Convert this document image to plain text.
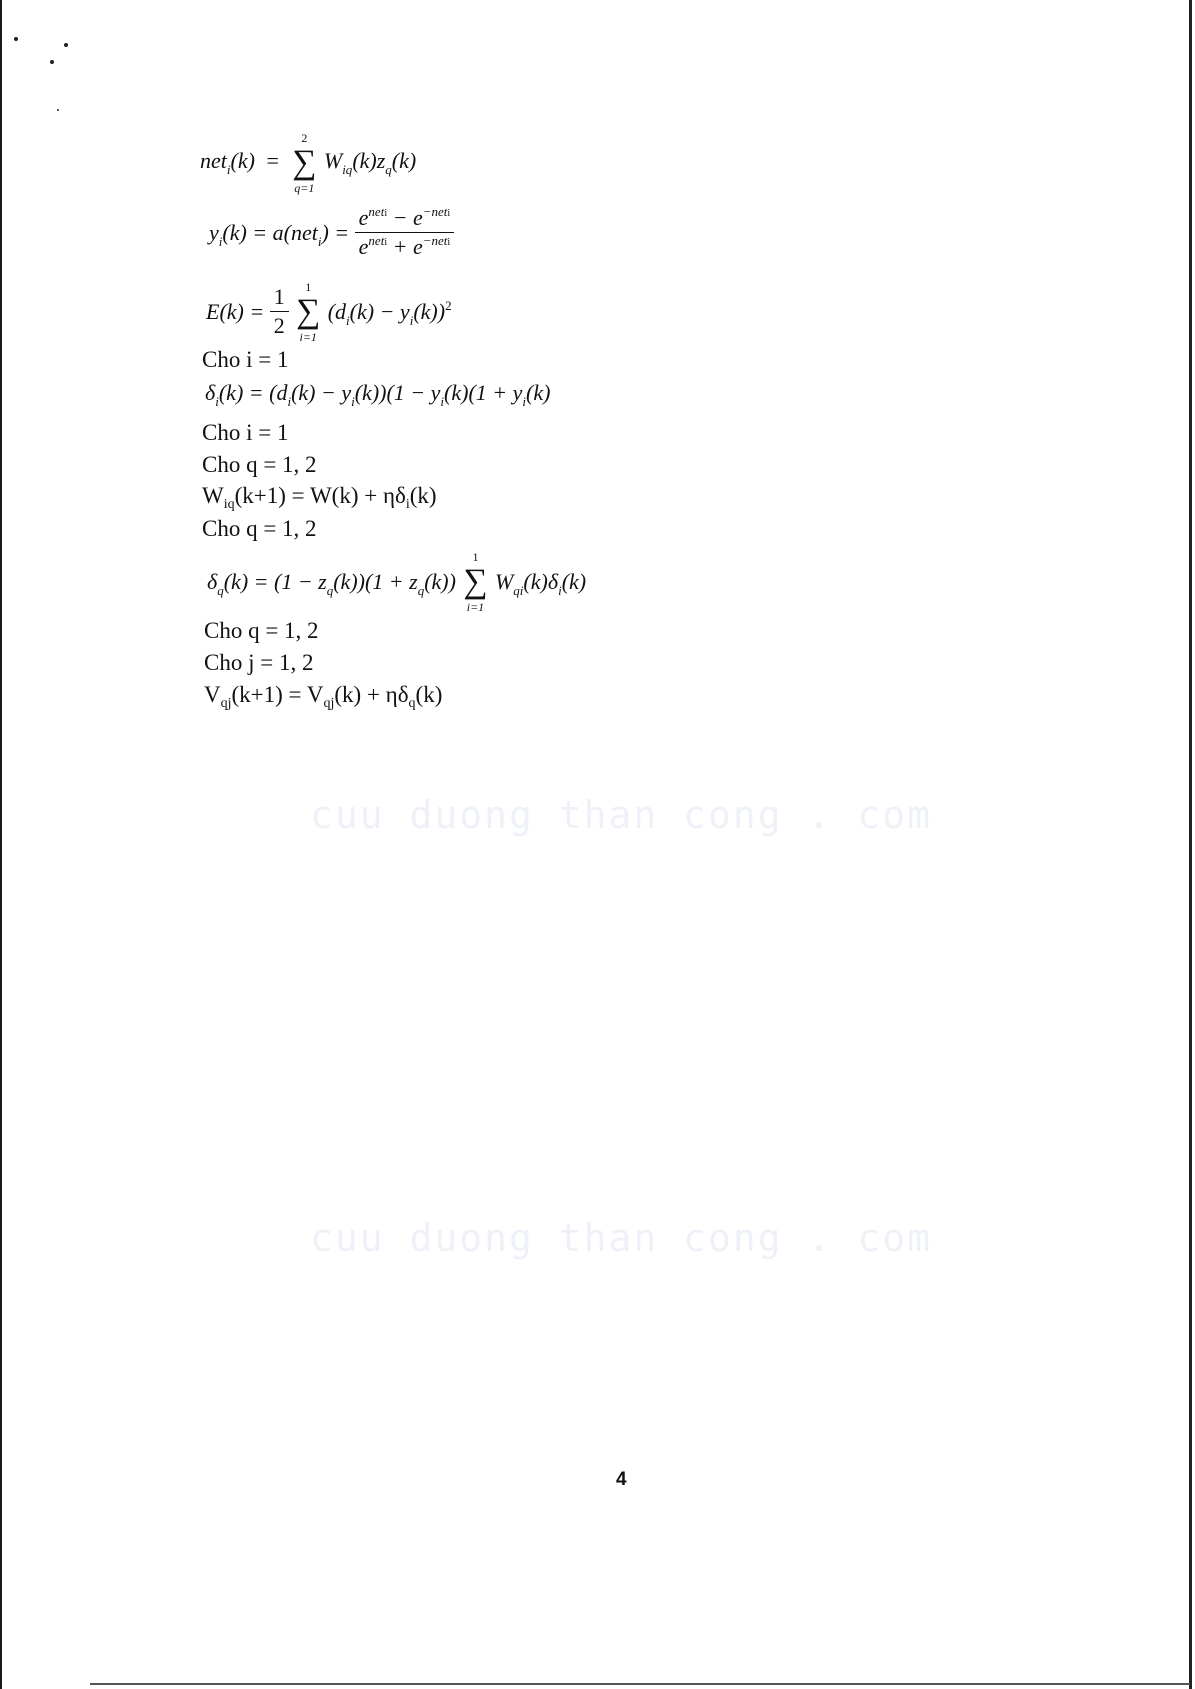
net$_i$(k) =
2
∑
q=1
$W_{iq}(k)z_q(k)$
$y_i(k) = a(net_i) = \frac{e^{neti} - e^{-neti}}{e^{neti} + e^{-neti}}$
$E(k) = \frac{1}{2}$
	1
∑
i=1
$(d_i(k) - y_i(k))^2$
Cho i = 1
$\delta_i(k) = (d_i(k) - y_i(k))(1 - y_i(k)(1 + y_i(k)$
Cho i = 1
Cho q = 1, 2
$W_{iq}(k+1) = W(k) + \eta\delta_i(k)$
Cho q = 1, 2
$\delta_q(k) = (1 - z_q(k))(1 + z_q(k))$
1
∑
i=1
$W_{qi}(k)\delta_i(k)$
Cho q = 1, 2
Cho j = 1, 2
$V_{qj}(k+1) = V_{qj}(k) + \eta\delta_q(k)$
cuu duong than cong . com
cuu duong than cong . com
4
